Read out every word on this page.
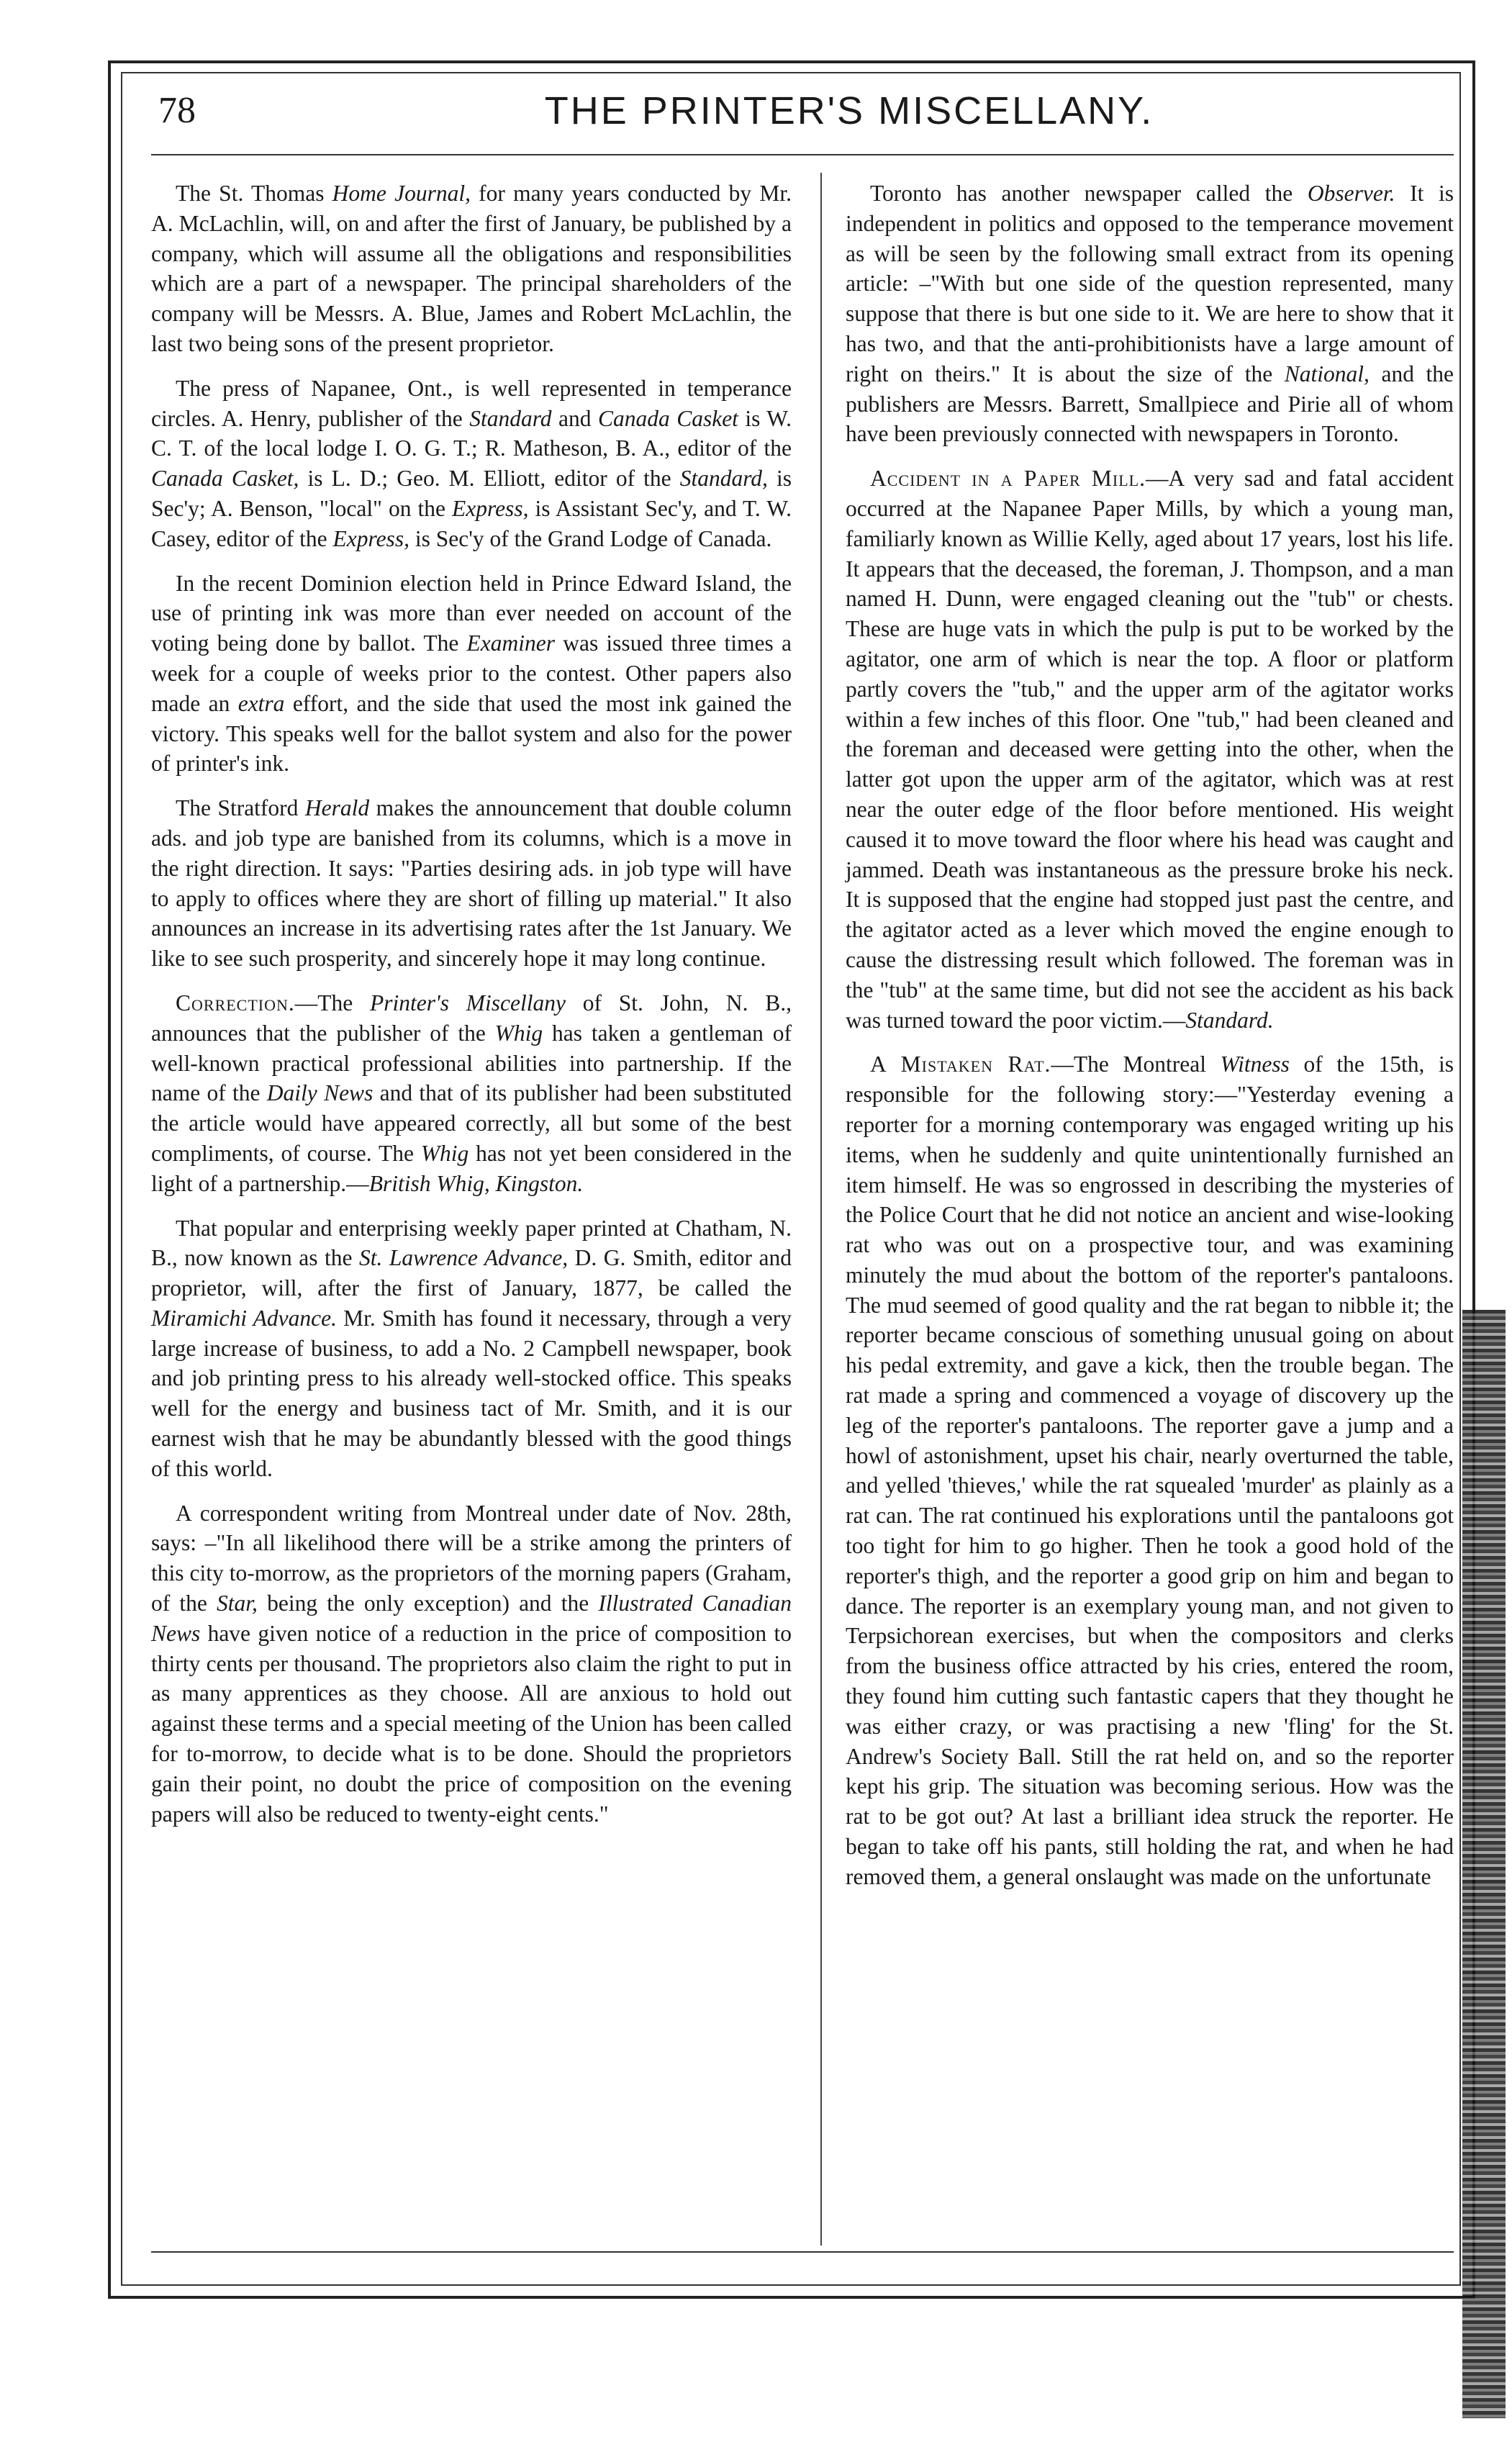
78	THE PRINTER'S MISCELLANY.

The St. Thomas Home Journal, for many years conducted by Mr. A. McLachlin, will, on and after the first of January, be published by a company, which will assume all the obligations and responsibilities which are a part of a newspaper. The principal shareholders of the company will be Messrs. A. Blue, James and Robert McLachlin, the last two being sons of the present proprietor.

The press of Napanee, Ont., is well represented in temperance circles. A. Henry, publisher of the Standard and Canada Casket is W. C. T. of the local lodge I. O. G. T.; R. Matheson, B. A., editor of the Canada Casket, is L. D.; Geo. M. Elliott, editor of the Standard, is Sec'y; A. Benson, "local" on the Express, is Assistant Sec'y, and T. W. Casey, editor of the Express, is Sec'y of the Grand Lodge of Canada.

In the recent Dominion election held in Prince Edward Island, the use of printing ink was more than ever needed on account of the voting being done by ballot. The Examiner was issued three times a week for a couple of weeks prior to the contest. Other papers also made an extra effort, and the side that used the most ink gained the victory. This speaks well for the ballot system and also for the power of printer's ink.

The Stratford Herald makes the announcement that double column ads. and job type are banished from its columns, which is a move in the right direction. It says: "Parties desiring ads. in job type will have to apply to offices where they are short of filling up material." It also announces an increase in its advertising rates after the 1st January. We like to see such prosperity, and sincerely hope it may long continue.

Correction.—The Printer's Miscellany of St. John, N. B., announces that the publisher of the Whig has taken a gentleman of well-known practical professional abilities into partnership. If the name of the Daily News and that of its publisher had been substituted the article would have appeared correctly, all but some of the best compliments, of course. The Whig has not yet been considered in the light of a partnership.—British Whig, Kingston.

That popular and enterprising weekly paper printed at Chatham, N. B., now known as the St. Lawrence Advance, D. G. Smith, editor and proprietor, will, after the first of January, 1877, be called the Miramichi Advance. Mr. Smith has found it necessary, through a very large increase of business, to add a No. 2 Campbell newspaper, book and job printing press to his already well-stocked office. This speaks well for the energy and business tact of Mr. Smith, and it is our earnest wish that he may be abundantly blessed with the good things of this world.

A correspondent writing from Montreal under date of Nov. 28th, says: –"In all likelihood there will be a strike among the printers of this city to-morrow, as the proprietors of the morning papers (Graham, of the Star, being the only exception) and the Illustrated Canadian News have given notice of a reduction in the price of composition to thirty cents per thousand. The proprietors also claim the right to put in as many apprentices as they choose. All are anxious to hold out against these terms and a special meeting of the Union has been called for to-morrow, to decide what is to be done. Should the proprietors gain their point, no doubt the price of composition on the evening papers will also be reduced to twenty-eight cents."

Toronto has another newspaper called the Observer. It is independent in politics and opposed to the temperance movement as will be seen by the following small extract from its opening article: –"With but one side of the question represented, many suppose that there is but one side to it. We are here to show that it has two, and that the anti-prohibitionists have a large amount of right on theirs." It is about the size of the National, and the publishers are Messrs. Barrett, Smallpiece and Pirie all of whom have been previously connected with newspapers in Toronto.

Accident in a Paper Mill.—A very sad and fatal accident occurred at the Napanee Paper Mills, by which a young man, familiarly known as Willie Kelly, aged about 17 years, lost his life. It appears that the deceased, the foreman, J. Thompson, and a man named H. Dunn, were engaged cleaning out the "tub" or chests. These are huge vats in which the pulp is put to be worked by the agitator, one arm of which is near the top. A floor or platform partly covers the "tub," and the upper arm of the agitator works within a few inches of this floor. One "tub," had been cleaned and the foreman and deceased were getting into the other, when the latter got upon the upper arm of the agitator, which was at rest near the outer edge of the floor before mentioned. His weight caused it to move toward the floor where his head was caught and jammed. Death was instantaneous as the pressure broke his neck. It is supposed that the engine had stopped just past the centre, and the agitator acted as a lever which moved the engine enough to cause the distressing result which followed. The foreman was in the "tub" at the same time, but did not see the accident as his back was turned toward the poor victim.—Standard.

A Mistaken Rat.—The Montreal Witness of the 15th, is responsible for the following story:—"Yesterday evening a reporter for a morning contemporary was engaged writing up his items, when he suddenly and quite unintentionally furnished an item himself. He was so engrossed in describing the mysteries of the Police Court that he did not notice an ancient and wise-looking rat who was out on a prospective tour, and was examining minutely the mud about the bottom of the reporter's pantaloons. The mud seemed of good quality and the rat began to nibble it; the reporter became conscious of something unusual going on about his pedal extremity, and gave a kick, then the trouble began. The rat made a spring and commenced a voyage of discovery up the leg of the reporter's pantaloons. The reporter gave a jump and a howl of astonishment, upset his chair, nearly overturned the table, and yelled 'thieves,' while the rat squealed 'murder' as plainly as a rat can. The rat continued his explorations until the pantaloons got too tight for him to go higher. Then he took a good hold of the reporter's thigh, and the reporter a good grip on him and began to dance. The reporter is an exemplary young man, and not given to Terpsichorean exercises, but when the compositors and clerks from the business office attracted by his cries, entered the room, they found him cutting such fantastic capers that they thought he was either crazy, or was practising a new 'fling' for the St. Andrew's Society Ball. Still the rat held on, and so the reporter kept his grip. The situation was becoming serious. How was the rat to be got out? At last a brilliant idea struck the reporter. He began to take off his pants, still holding the rat, and when he had removed them, a general onslaught was made on the unfortunate
